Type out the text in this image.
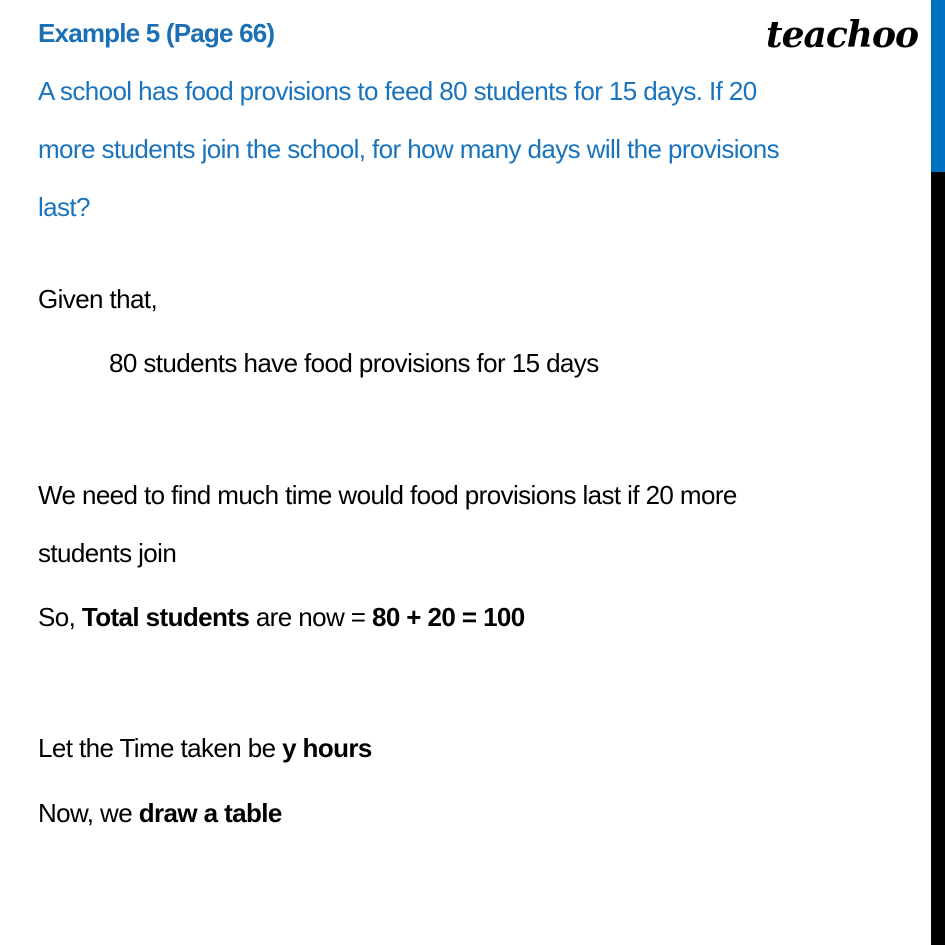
Example 5 (Page 66)	teachoo
A school has food provisions to feed 80 students for 15 days. If 20
more students join the school, for how many days will the provisions
last?
Given that,
80 students have food provisions for 15 days
We need to find much time would food provisions last if 20 more
students join
So, Total students are now = 80 + 20 = 100
Let the Time taken be y hours
Now, we draw a table
